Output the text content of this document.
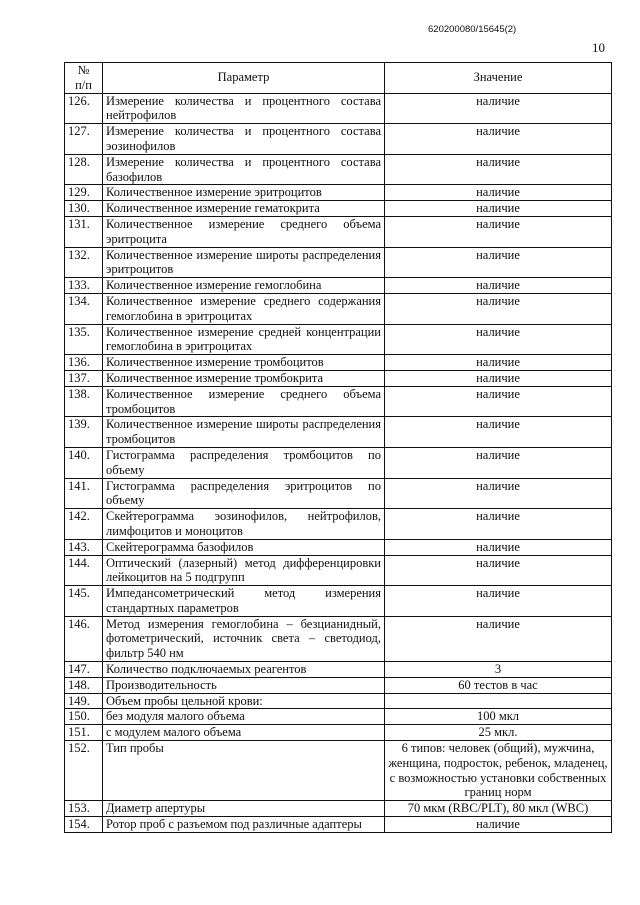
620200080/15645(2)
10
№
п/п	Параметр	Значение
126.	Измерение количества и процентного состава нейтрофилов	наличие
127.	Измерение количества и процентного состава эозинофилов	наличие
128.	Измерение количества и процентного состава базофилов	наличие
129.	Количественное измерение эритроцитов	наличие
130.	Количественное измерение гематокрита	наличие
131.	Количественное измерение среднего объема эритроцита	наличие
132.	Количественное измерение широты распределения эритроцитов	наличие
133.	Количественное измерение гемоглобина	наличие
134.	Количественное измерение среднего содержания гемоглобина в эритроцитах	наличие
135.	Количественное измерение средней концентрации гемоглобина в эритроцитах	наличие
136.	Количественное измерение тромбоцитов	наличие
137.	Количественное измерение тромбокрита	наличие
138.	Количественное измерение среднего объема тромбоцитов	наличие
139.	Количественное измерение широты распределения тромбоцитов	наличие
140.	Гистограмма распределения тромбоцитов по объему	наличие
141.	Гистограмма распределения эритроцитов по объему	наличие
142.	Скейтерограмма эозинофилов, нейтрофилов, лимфоцитов и моноцитов	наличие
143.	Скейтерограмма базофилов	наличие
144.	Оптический (лазерный) метод дифференцировки лейкоцитов на 5 подгрупп	наличие
145.	Импедансометрический метод измерения стандартных параметров	наличие
146.	Метод измерения гемоглобина – безцианидный, фотометрический, источник света – светодиод, фильтр 540 нм	наличие
147.	Количество подключаемых реагентов	3
148.	Производительность	60 тестов в час
149.	Объем пробы цельной крови:	
150.	без модуля малого объема	100 мкл
151.	с модулем малого объема	25 мкл.
152.	Тип пробы	6 типов: человек (общий), мужчина, женщина, подросток, ребенок, младенец, с возможностью установки собственных границ норм
153.	Диаметр апертуры	70 мкм (RBC/PLT), 80 мкл (WBC)
154.	Ротор проб с разъемом под различные адаптеры	наличие
